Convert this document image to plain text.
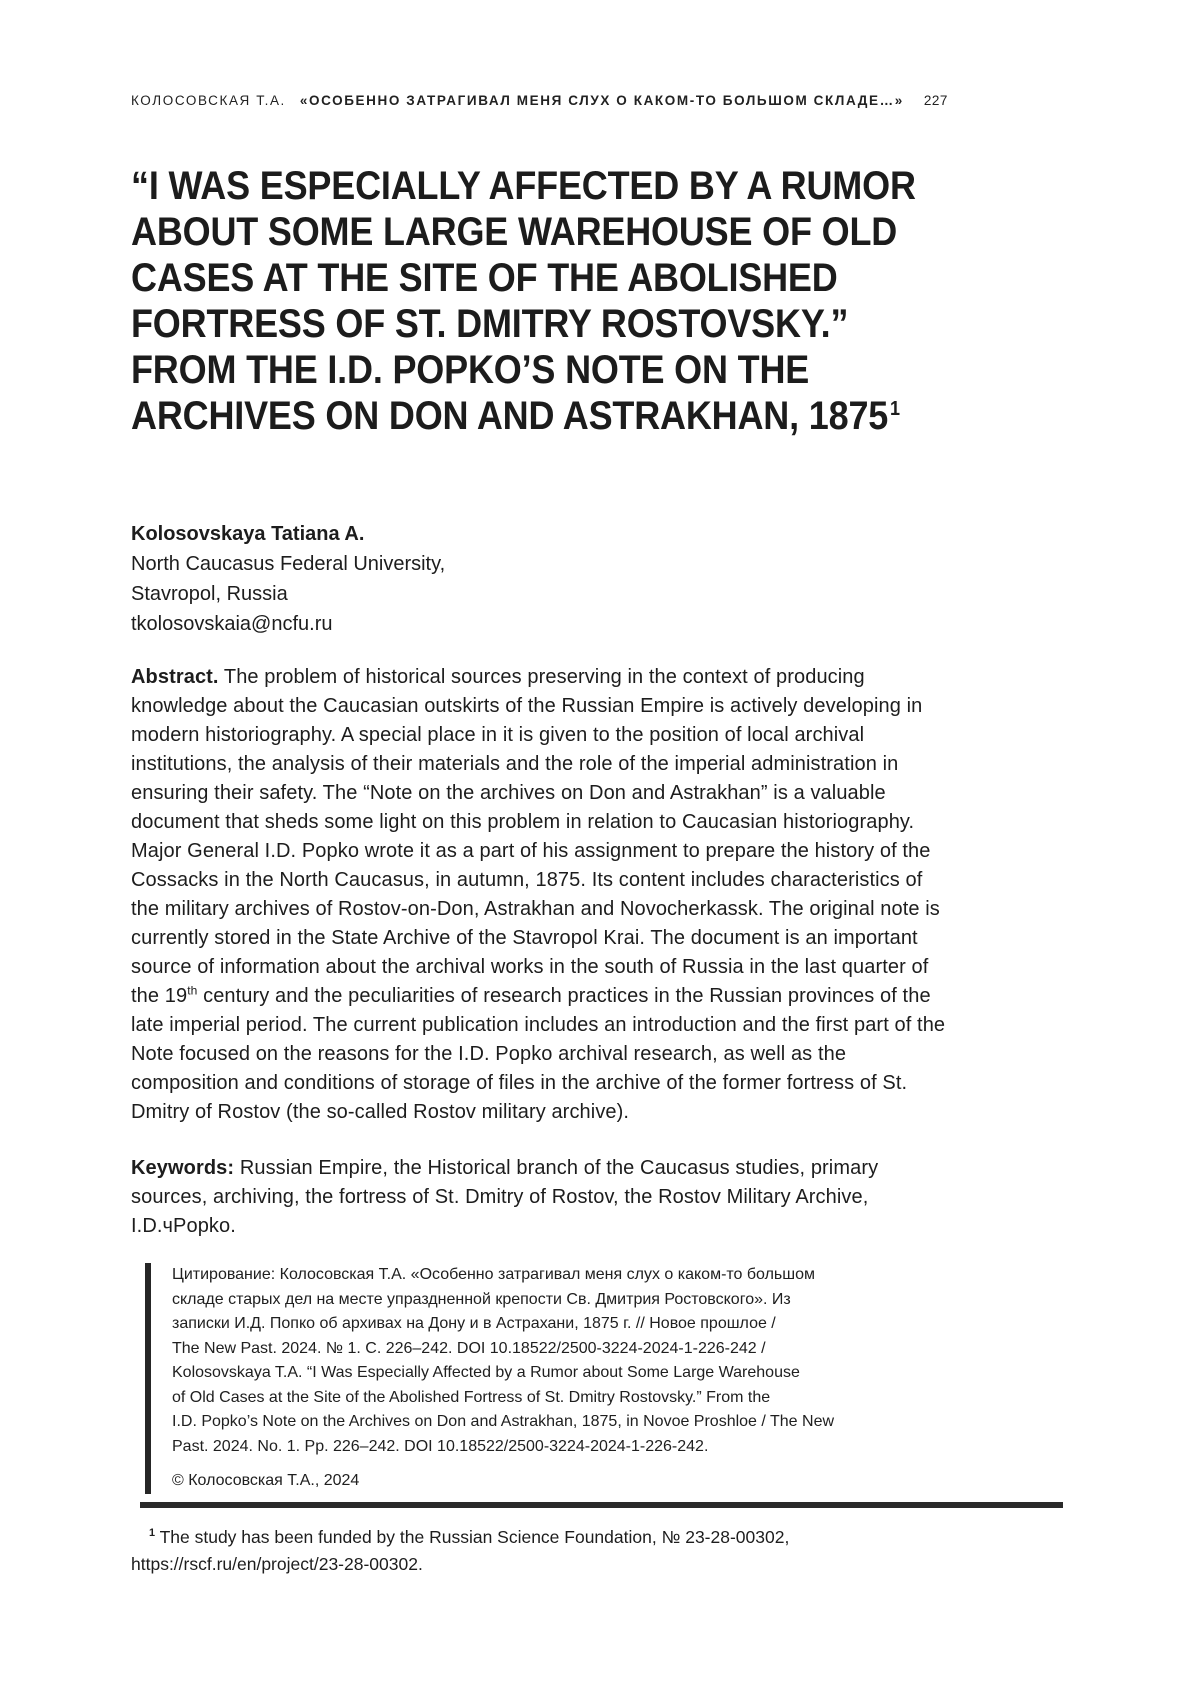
КОЛОСОВСКАЯ Т.А. «ОСОБЕННО ЗАТРАГИВАЛ МЕНЯ СЛУХ О КАКОМ-ТО БОЛЬШОМ СКЛАДЕ…» 227
“I WAS ESPECIALLY AFFECTED BY A RUMOR
ABOUT SOME LARGE WAREHOUSE OF OLD
CASES AT THE SITE OF THE ABOLISHED
FORTRESS OF ST. DMITRY ROSTOVSKY.”
FROM THE I.D. POPKO’S NOTE ON THE
ARCHIVES ON DON AND ASTRAKHAN, 1875$^1$
Kolosovskaya Tatiana A.
North Caucasus Federal University,
Stavropol, Russia
tkolosovskaia@ncfu.ru

Abstract. The problem of historical sources preserving in the context of producing knowledge about the Caucasian outskirts of the Russian Empire is actively developing in modern historiography. A special place in it is given to the position of local archival institutions, the analysis of their materials and the role of the imperial administration in ensuring their safety. The “Note on the archives on Don and Astrakhan” is a valuable document that sheds some light on this problem in relation to Caucasian historiography. Major General I.D. Popko wrote it as a part of his assignment to prepare the history of the Cossacks in the North Caucasus, in autumn, 1875. Its content includes characteristics of the military archives of Rostov-on-Don, Astrakhan and Novocherkassk. The original note is currently stored in the State Archive of the Stavropol Krai. The document is an important source of information about the archival works in the south of Russia in the last quarter of the 19th century and the peculiarities of research practices in the Russian provinces of the late imperial period. The current publication includes an introduction and the first part of the Note focused on the reasons for the I.D. Popko archival research, as well as the composition and conditions of storage of files in the archive of the former fortress of St. Dmitry of Rostov (the so-called Rostov military archive).

Keywords: Russian Empire, the Historical branch of the Caucasus studies, primary sources, archiving, the fortress of St. Dmitry of Rostov, the Rostov Military Archive, I.D.чPopko.

Цитирование: Колосовская Т.А. «Особенно затрагивал меня слух о каком-то большом
складе старых дел на месте упраздненной крепости Св. Дмитрия Ростовского». Из
записки И.Д. Попко об архивах на Дону и в Астрахани, 1875 г. // Новое прошлое /
The New Past. 2024. № 1. С. 226–242. DOI 10.18522/2500-3224-2024-1-226-242 /
Kolosovskaya T.A. “I Was Especially Affected by a Rumor about Some Large Warehouse
of Old Cases at the Site of the Abolished Fortress of St. Dmitry Rostovsky.” From the
I.D. Popko’s Note on the Archives on Don and Astrakhan, 1875, in Novoe Proshloe / The New
Past. 2024. No. 1. Pp. 226–242. DOI 10.18522/2500-3224-2024-1-226-242.
© Колосовская Т.А., 2024

$^1$ The study has been funded by the Russian Science Foundation, № 23-28-00302, https://rscf.ru/en/project/23-28-00302.
